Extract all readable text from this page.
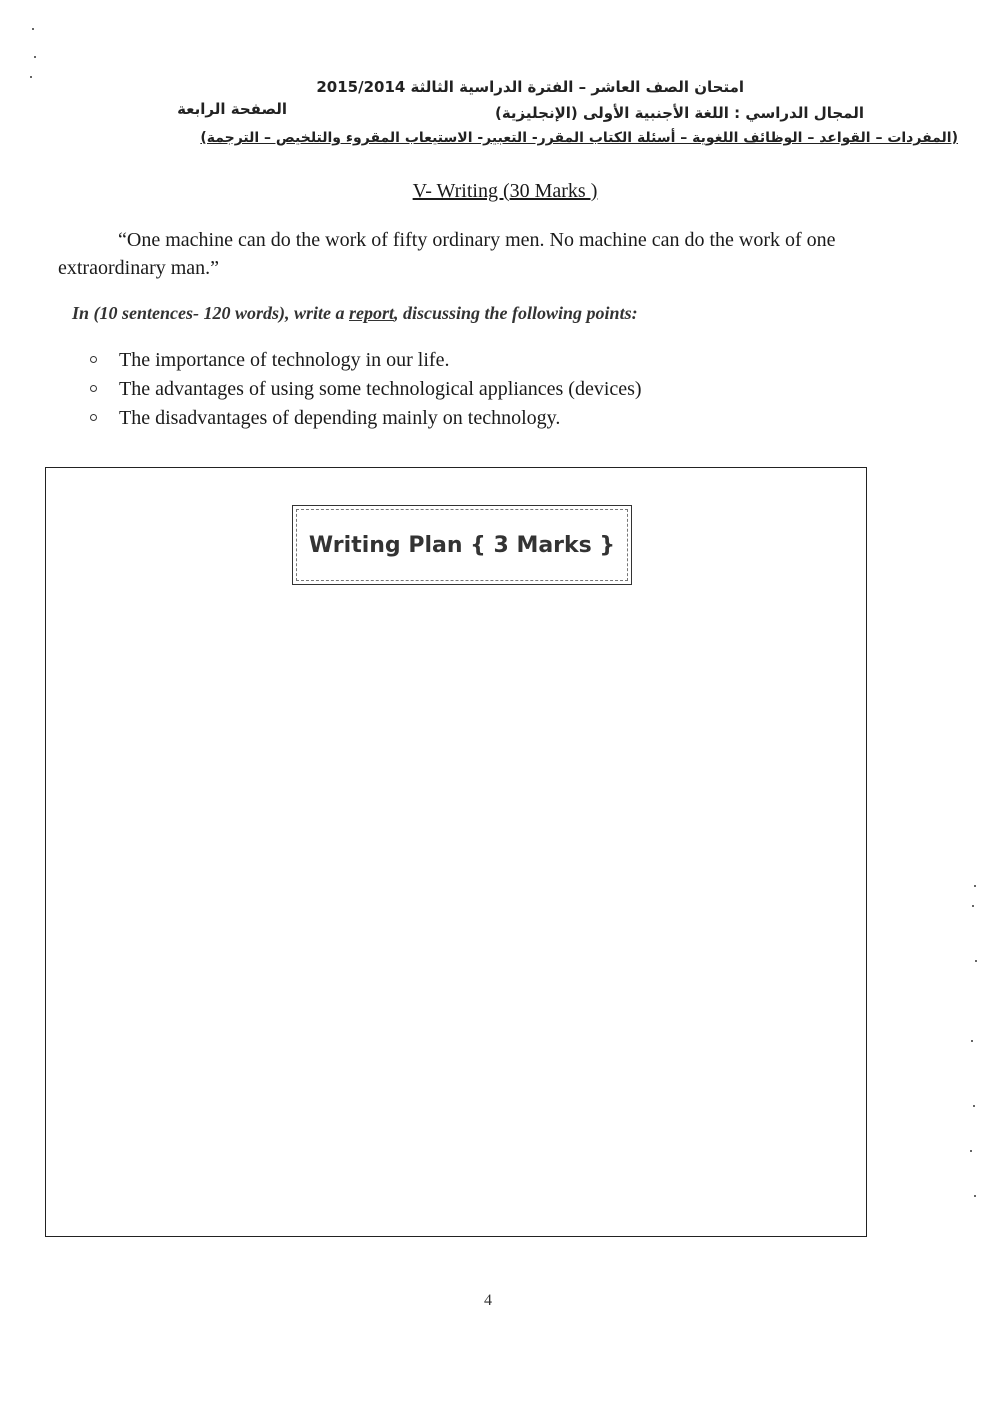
امتحان الصف العاشر – الفترة الدراسية الثالثة 2015/2014
المجال الدراسي : اللغة الأجنبية الأولى (الإنجليزية)
الصفحة الرابعة
(المفردات – القواعد – الوظائف اللغوية – أسئلة الكتاب المقرر- التعبير- الاستيعاب المقروء والتلخيص – الترجمة)
V- Writing (30 Marks )
“One machine can do the work of fifty ordinary men. No machine can do the work of one extraordinary man.”
In (10 sentences- 120 words), write a report, discussing the following points:
The importance of technology in our life.
The advantages of using some technological appliances (devices)
The disadvantages of depending mainly on technology.
Writing Plan { 3 Marks }
4
